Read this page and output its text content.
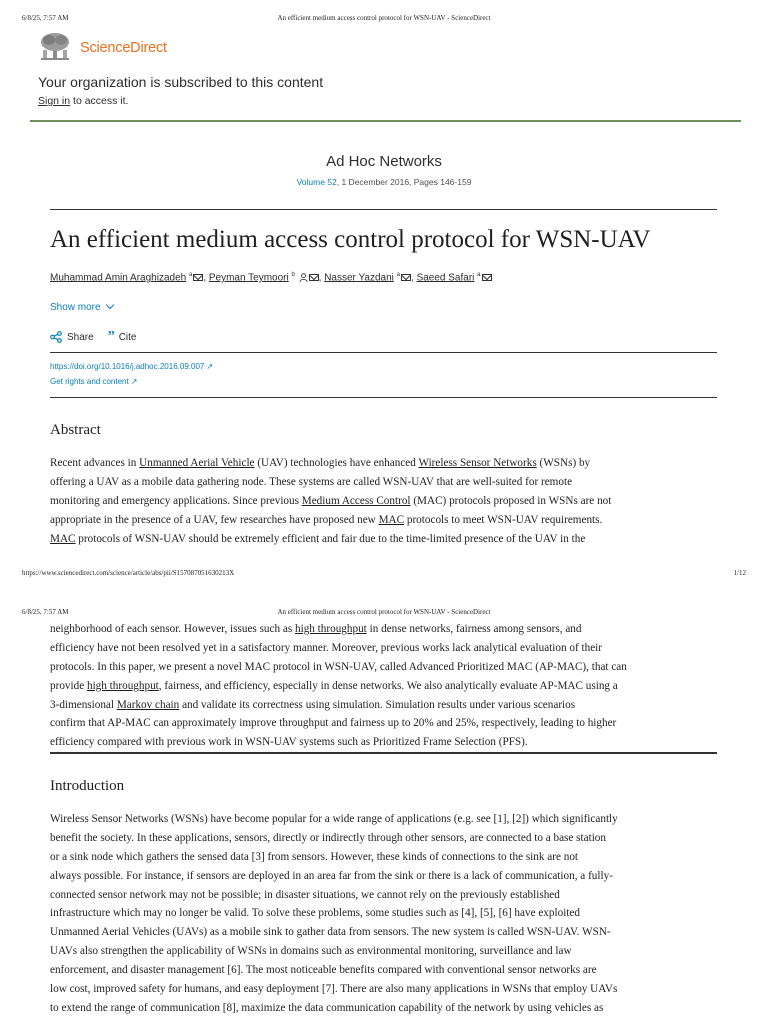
6/8/25, 7:57 AM	An efficient medium access control protocol for WSN-UAV - ScienceDirect
ScienceDirect
Your organization is subscribed to this content
Sign in to access it.
Ad Hoc Networks
Volume 52, 1 December 2016, Pages 146-159
An efficient medium access control protocol for WSN-UAV
Muhammad Amin Araghizadeh $^a$ , Peyman Teymoori $^b$ , Nasser Yazdani $^a$ , Saeed Safari $^a$
Show more
Share ” Cite
https://doi.org/10.1016/j.adhoc.2016.09.007 ↗
Get rights and content ↗
Abstract
Recent advances in Unmanned Aerial Vehicle (UAV) technologies have enhanced Wireless Sensor Networks (WSNs) by
offering a UAV as a mobile data gathering node. These systems are called WSN-UAV that are well-suited for remote
monitoring and emergency applications. Since previous Medium Access Control (MAC) protocols proposed in WSNs are not
appropriate in the presence of a UAV, few researches have proposed new MAC protocols to meet WSN-UAV requirements.
MAC protocols of WSN-UAV should be extremely efficient and fair due to the time-limited presence of the UAV in the
https://www.sciencedirect.com/science/article/abs/pii/S157087051630213X	1/12
6/8/25, 7:57 AM	An efficient medium access control protocol for WSN-UAV - ScienceDirect
neighborhood of each sensor. However, issues such as high throughput in dense networks, fairness among sensors, and
efficiency have not been resolved yet in a satisfactory manner. Moreover, previous works lack analytical evaluation of their
protocols. In this paper, we present a novel MAC protocol in WSN-UAV, called Advanced Prioritized MAC (AP-MAC), that can
provide high throughput, fairness, and efficiency, especially in dense networks. We also analytically evaluate AP-MAC using a
3-dimensional Markov chain and validate its correctness using simulation. Simulation results under various scenarios
confirm that AP-MAC can approximately improve throughput and fairness up to 20% and 25%, respectively, leading to higher
efficiency compared with previous work in WSN-UAV systems such as Prioritized Frame Selection (PFS).
Introduction
Wireless Sensor Networks (WSNs) have become popular for a wide range of applications (e.g. see [1], [2]) which significantly
benefit the society. In these applications, sensors, directly or indirectly through other sensors, are connected to a base station
or a sink node which gathers the sensed data [3] from sensors. However, these kinds of connections to the sink are not
always possible. For instance, if sensors are deployed in an area far from the sink or there is a lack of communication, a fully-
connected sensor network may not be possible; in disaster situations, we cannot rely on the previously established
infrastructure which may no longer be valid. To solve these problems, some studies such as [4], [5], [6] have exploited
Unmanned Aerial Vehicles (UAVs) as a mobile sink to gather data from sensors. The new system is called WSN-UAV. WSN-
UAVs also strengthen the applicability of WSNs in domains such as environmental monitoring, surveillance and law
enforcement, and disaster management [6]. The most noticeable benefits compared with conventional sensor networks are
low cost, improved safety for humans, and easy deployment [7]. There are also many applications in WSNs that employ UAVs
to extend the range of communication [8], maximize the data communication capability of the network by using vehicles as
